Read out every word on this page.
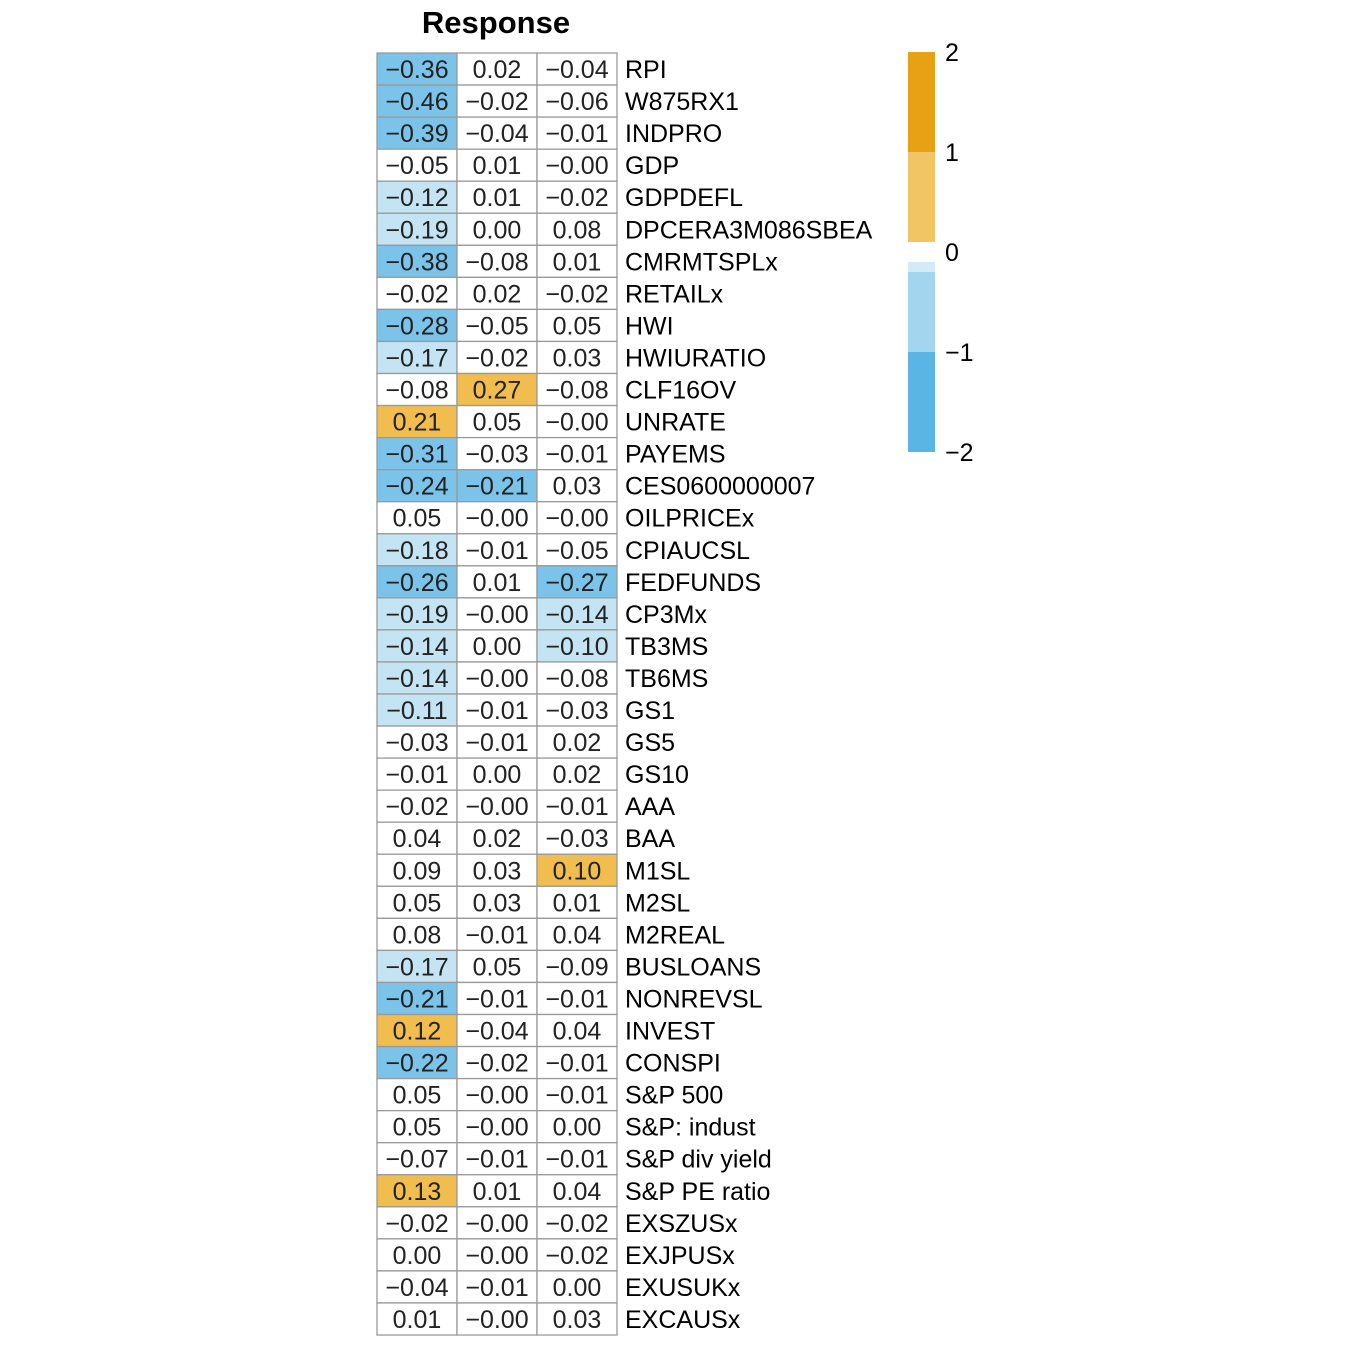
Response
−0.36 0.02 −0.04
−0.46 −0.02 −0.06
−0.39 −0.04 −0.01
−0.05 0.01 −0.00
−0.12 0.01 −0.02
−0.19 0.00 0.08
−0.38 −0.08 0.01
−0.02 0.02 −0.02
−0.28 −0.05 0.05
−0.17 −0.02 0.03
−0.08 0.27 −0.08
0.21 0.05 −0.00
−0.31 −0.03 −0.01
−0.24 −0.21 0.03
0.05 −0.00 −0.00
−0.18 −0.01 −0.05
−0.26 0.01 −0.27
−0.19 −0.00 −0.14
−0.14 0.00 −0.10
−0.14 −0.00 −0.08
−0.11 −0.01 −0.03
−0.03 −0.01 0.02
−0.01 0.00 0.02
−0.02 −0.00 −0.01
0.04 0.02 −0.03
0.09 0.03 0.10
0.05 0.03 0.01
0.08 −0.01 0.04
−0.17 0.05 −0.09
−0.21 −0.01 −0.01
0.12 −0.04 0.04
−0.22 −0.02 −0.01
0.05 −0.00 −0.01
0.05 −0.00 0.00
−0.07 −0.01 −0.01
0.13 0.01 0.04
−0.02 −0.00 −0.02
0.00 −0.00 −0.02
−0.04 −0.01 0.00
0.01 −0.00 0.03
RPI
W875RX1
INDPRO
GDP
GDPDEFL
DPCERA3M086SBEA
CMRMTSPLx
RETAILx
HWI
HWIURATIO
CLF16OV
UNRATE
PAYEMS
CES0600000007
OILPRICEx
CPIAUCSL
FEDFUNDS
CP3Mx
TB3MS
TB6MS
GS1
GS5
GS10
AAA
BAA
M1SL
M2SL
M2REAL
BUSLOANS
NONREVSL
INVEST
CONSPI
S&P 500
S&P: indust
S&P div yield
S&P PE ratio
EXSZUSx
EXJPUSx
EXUSUKx
EXCAUSx
2
1
0
−1
−2
